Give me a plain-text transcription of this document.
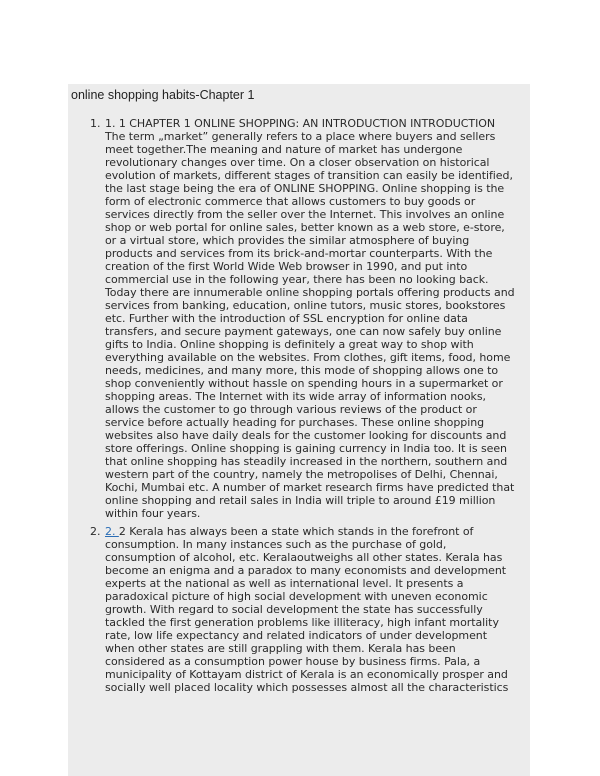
online shopping habits-Chapter 1
1. 1. 1 CHAPTER 1 ONLINE SHOPPING: AN INTRODUCTION INTRODUCTION
The term „market” generally refers to a place where buyers and sellers
meet together.The meaning and nature of market has undergone
revolutionary changes over time. On a closer observation on historical
evolution of markets, different stages of transition can easily be identified,
the last stage being the era of ONLINE SHOPPING. Online shopping is the
form of electronic commerce that allows customers to buy goods or
services directly from the seller over the Internet. This involves an online
shop or web portal for online sales, better known as a web store, e-store,
or a virtual store, which provides the similar atmosphere of buying
products and services from its brick-and-mortar counterparts. With the
creation of the first World Wide Web browser in 1990, and put into
commercial use in the following year, there has been no looking back.
Today there are innumerable online shopping portals offering products and
services from banking, education, online tutors, music stores, bookstores
etc. Further with the introduction of SSL encryption for online data
transfers, and secure payment gateways, one can now safely buy online
gifts to India. Online shopping is definitely a great way to shop with
everything available on the websites. From clothes, gift items, food, home
needs, medicines, and many more, this mode of shopping allows one to
shop conveniently without hassle on spending hours in a supermarket or
shopping areas. The Internet with its wide array of information nooks,
allows the customer to go through various reviews of the product or
service before actually heading for purchases. These online shopping
websites also have daily deals for the customer looking for discounts and
store offerings. Online shopping is gaining currency in India too. It is seen
that online shopping has steadily increased in the northern, southern and
western part of the country, namely the metropolises of Delhi, Chennai,
Kochi, Mumbai etc. A number of market research firms have predicted that
online shopping and retail sales in India will triple to around £19 million
within four years.
2. 2. 2 Kerala has always been a state which stands in the forefront of
consumption. In many instances such as the purchase of gold,
consumption of alcohol, etc. Keralaoutweighs all other states. Kerala has
become an enigma and a paradox to many economists and development
experts at the national as well as international level. It presents a
paradoxical picture of high social development with uneven economic
growth. With regard to social development the state has successfully
tackled the first generation problems like illiteracy, high infant mortality
rate, low life expectancy and related indicators of under development
when other states are still grappling with them. Kerala has been
considered as a consumption power house by business firms. Pala, a
municipality of Kottayam district of Kerala is an economically prosper and
socially well placed locality which possesses almost all the characteristics
